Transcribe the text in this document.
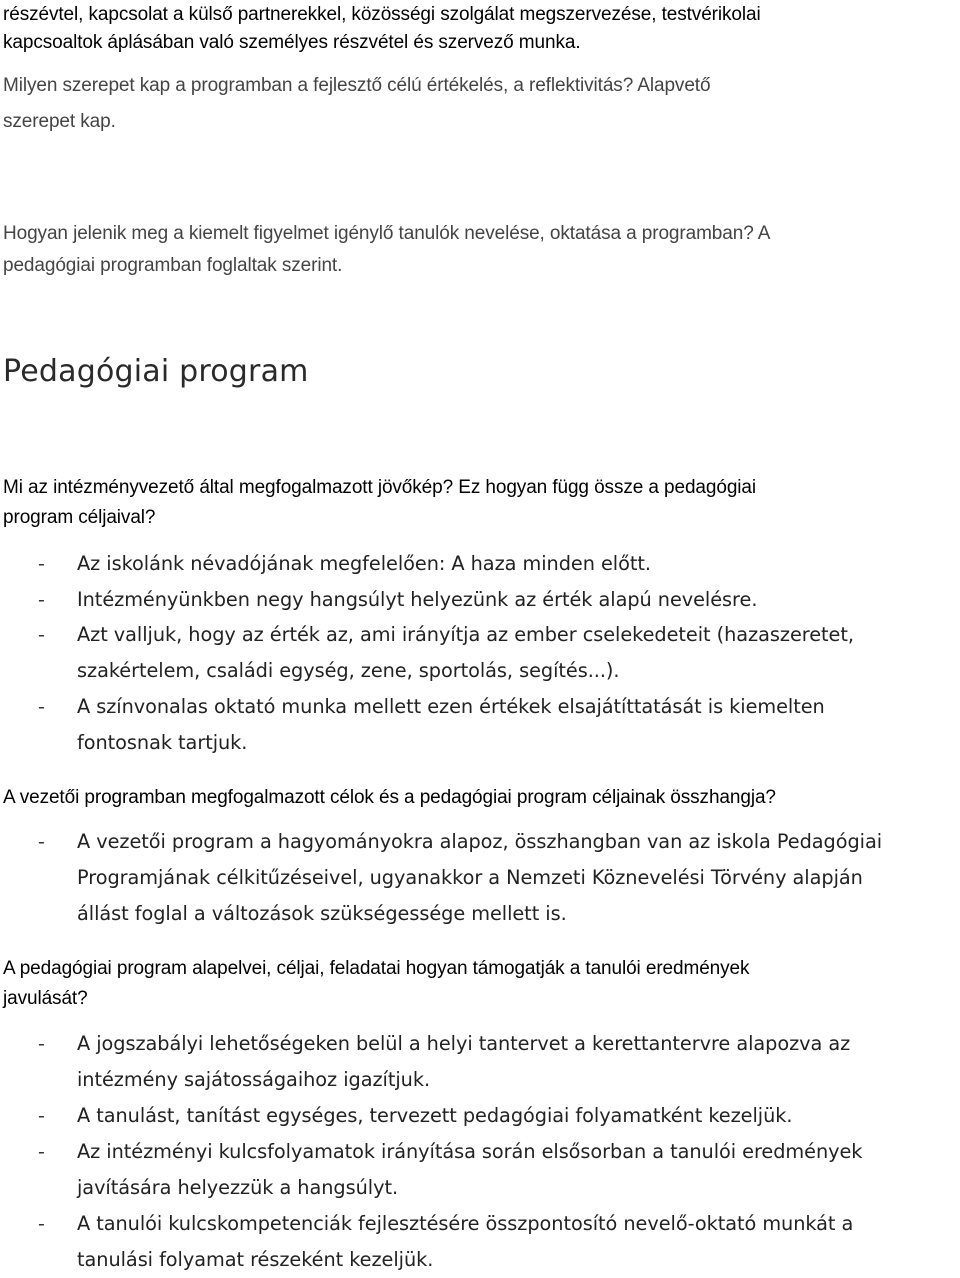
részévtel, kapcsolat a külső partnerekkel, közösségi szolgálat megszervezése, testvérikolai
kapcsoaltok áplásában való személyes részvétel és szervező munka.
Milyen szerepet kap a programban a fejlesztő célú értékelés, a reflektivitás? Alapvető
szerepet kap.
Hogyan jelenik meg a kiemelt figyelmet igénylő tanulók nevelése, oktatása a programban? A
pedagógiai programban foglaltak szerint.
Pedagógiai program
Mi az intézményvezető által megfogalmazott jövőkép? Ez hogyan függ össze a pedagógiai
program céljaival?
-	Az iskolánk névadójának megfelelően: A haza minden előtt.
-	Intézményünkben negy hangsúlyt helyezünk az érték alapú nevelésre.
-	Azt valljuk, hogy az érték az, ami irányítja az ember cselekedeteit (hazaszeretet,
szakértelem, családi egység, zene, sportolás, segítés...).
-	A színvonalas oktató munka mellett ezen értékek elsajátíttatását is kiemelten
fontosnak tartjuk.
A vezetői programban megfogalmazott célok és a pedagógiai program céljainak összhangja?
-	A vezetői program a hagyományokra alapoz, összhangban van az iskola Pedagógiai
Programjának célkitűzéseivel, ugyanakkor a Nemzeti Köznevelési Törvény alapján
állást foglal a változások szükségessége mellett is.
A pedagógiai program alapelvei, céljai, feladatai hogyan támogatják a tanulói eredmények
javulását?
-	A jogszabályi lehetőségeken belül a helyi tantervet a kerettantervre alapozva az
intézmény sajátosságaihoz igazítjuk.
-	A tanulást, tanítást egységes, tervezett pedagógiai folyamatként kezeljük.
-	Az intézményi kulcsfolyamatok irányítása során elsősorban a tanulói eredmények
javítására helyezzük a hangsúlyt.
-	A tanulói kulcskompetenciák fejlesztésére összpontosító nevelő-oktató munkát a
tanulási folyamat részeként kezeljük.
